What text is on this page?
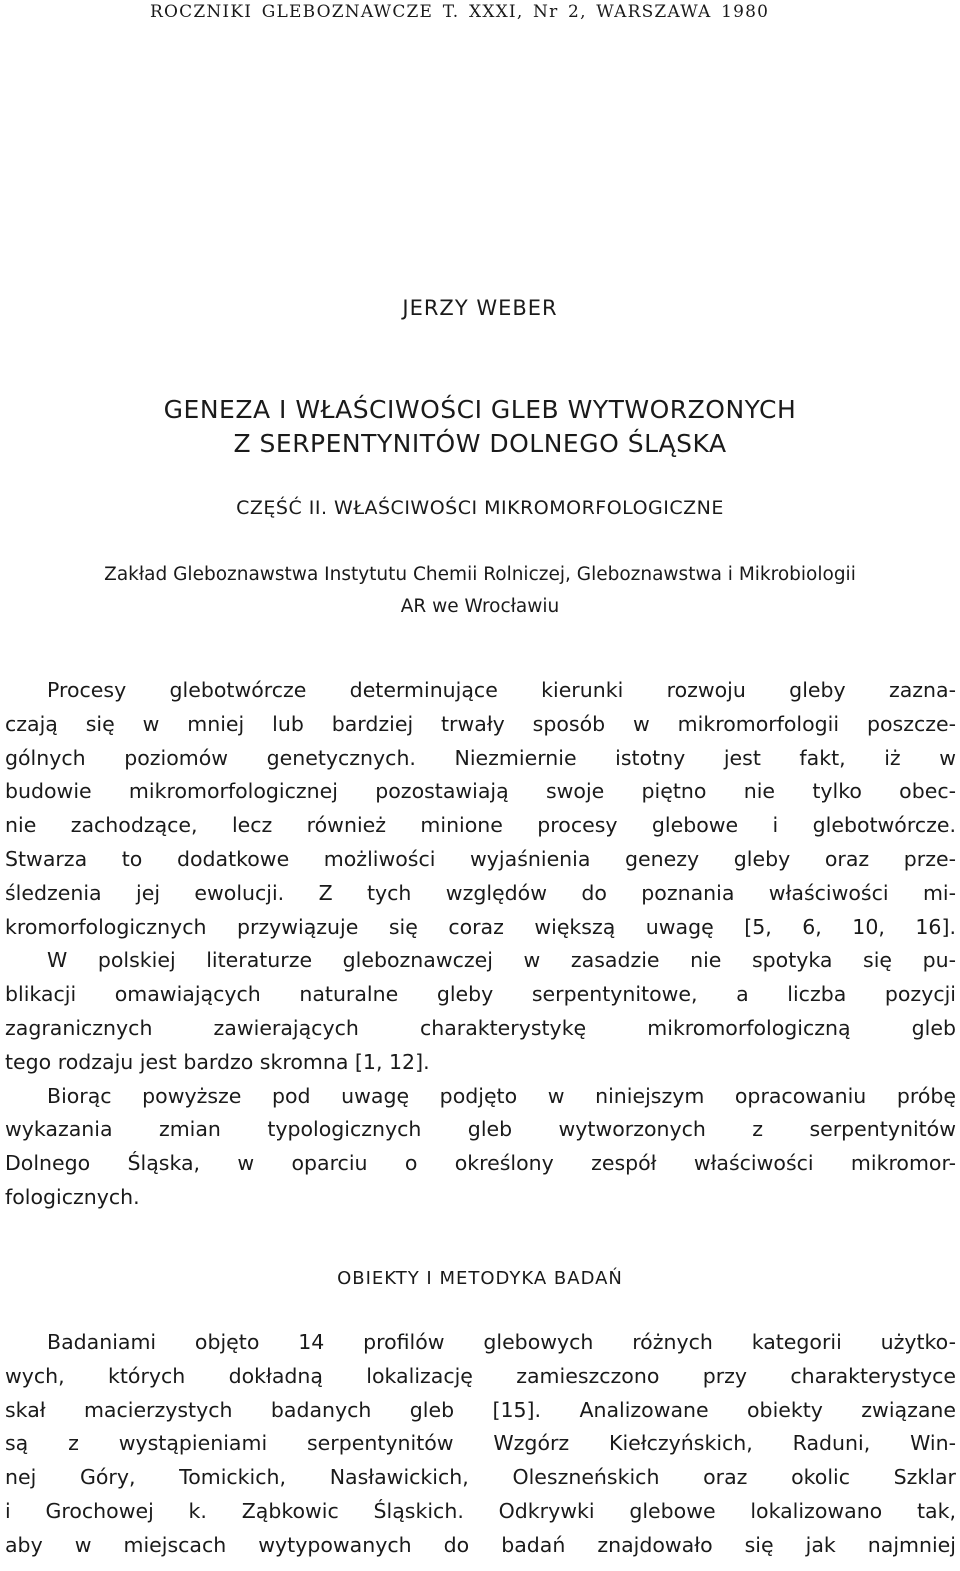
ROCZNIKI GLEBOZNAWCZE T. XXXI, Nr 2, WARSZAWA 1980
JERZY WEBER
GENEZA I WŁAŚCIWOŚCI GLEB WYTWORZONYCH
Z SERPENTYNITÓW DOLNEGO ŚLĄSKA
CZĘŚĆ II. WŁAŚCIWOŚCI MIKROMORFOLOGICZNE
Zakład Gleboznawstwa Instytutu Chemii Rolniczej, Gleboznawstwa i Mikrobiologii
AR we Wrocławiu
Procesy glebotwórcze determinujące kierunki rozwoju gleby zazna-
czają się w mniej lub bardziej trwały sposób w mikromorfologii poszcze-
gólnych poziomów genetycznych. Niezmiernie istotny jest fakt, iż w
budowie mikromorfologicznej pozostawiają swoje piętno nie tylko obec-
nie zachodzące, lecz również minione procesy glebowe i glebotwórcze.
Stwarza to dodatkowe możliwości wyjaśnienia genezy gleby oraz prze-
śledzenia jej ewolucji. Z tych względów do poznania właściwości mi-
kromorfologicznych przywiązuje się coraz większą uwagę [5, 6, 10, 16].
W polskiej literaturze gleboznawczej w zasadzie nie spotyka się pu-
blikacji omawiających naturalne gleby serpentynitowe, a liczba pozycji
zagranicznych zawierających charakterystykę mikromorfologiczną gleb
tego rodzaju jest bardzo skromna [1, 12].
Biorąc powyższe pod uwagę podjęto w niniejszym opracowaniu próbę
wykazania zmian typologicznych gleb wytworzonych z serpentynitów
Dolnego Śląska, w oparciu o określony zespół właściwości mikromor-
fologicznych.
OBIEKTY I METODYKA BADAŃ
Badaniami objęto 14 profilów glebowych różnych kategorii użytko-
wych, których dokładną lokalizację zamieszczono przy charakterystyce
skał macierzystych badanych gleb [15]. Analizowane obiekty związane
są z wystąpieniami serpentynitów Wzgórz Kiełczyńskich, Raduni, Win-
nej Góry, Tomickich, Nasławickich, Oleszneńskich oraz okolic Szklar
i Grochowej k. Ząbkowic Śląskich. Odkrywki glebowe lokalizowano tak,
aby w miejscach wytypowanych do badań znajdowało się jak najmniej
